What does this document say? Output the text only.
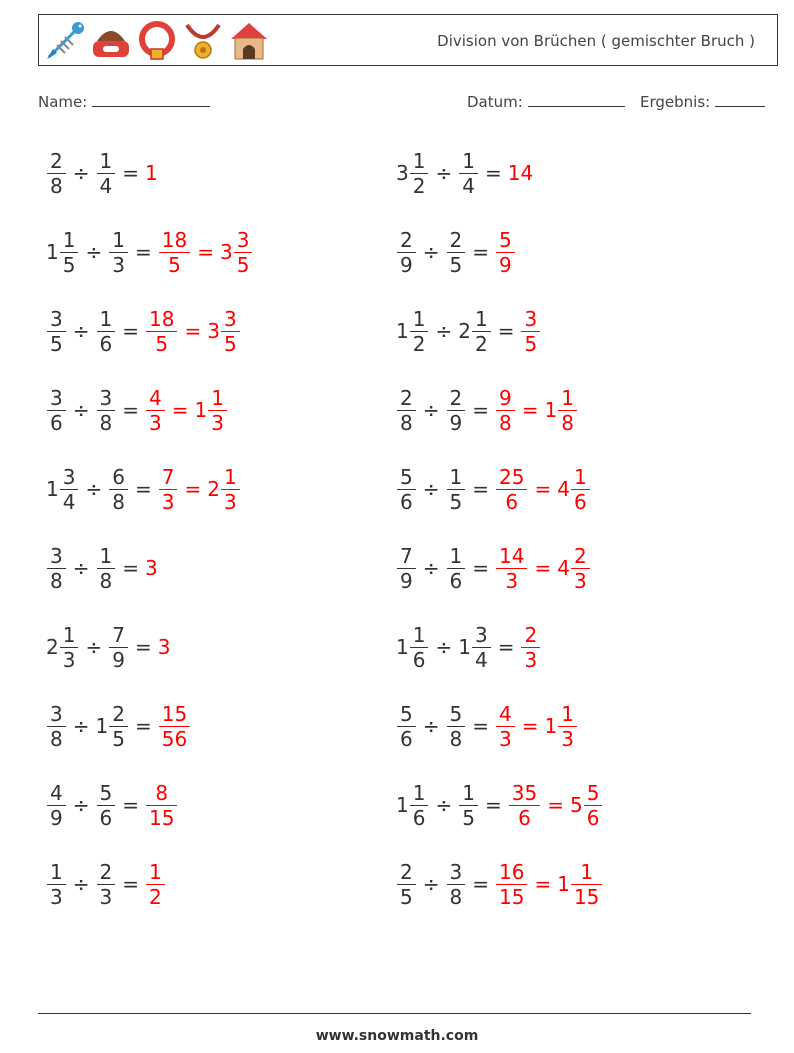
Division von Brüchen ( gemischter Bruch )
Name:	Datum:	Ergebnis:
$\frac{2}{8} \div \frac{1}{4} = 1$	$3 \frac{1}{2} \div \frac{1}{4} = 14$
$1 \frac{1}{5} \div \frac{1}{3} = \frac{18}{5} = 3 \frac{3}{5}$	$\frac{2}{9} \div \frac{2}{5} = \frac{5}{9}$
$\frac{3}{5} \div \frac{1}{6} = \frac{18}{5} = 3 \frac{3}{5}$	$1 \frac{1}{2} \div 2 \frac{1}{2} = \frac{3}{5}$
$\frac{3}{6} \div \frac{3}{8} = \frac{4}{3} = 1 \frac{1}{3}$	$\frac{2}{8} \div \frac{2}{9} = \frac{9}{8} = 1 \frac{1}{8}$
$1 \frac{3}{4} \div \frac{6}{8} = \frac{7}{3} = 2 \frac{1}{3}$	$\frac{5}{6} \div \frac{1}{5} = \frac{25}{6} = 4 \frac{1}{6}$
$\frac{3}{8} \div \frac{1}{8} = 3$	$\frac{7}{9} \div \frac{1}{6} = \frac{14}{3} = 4 \frac{2}{3}$
$2 \frac{1}{3} \div \frac{7}{9} = 3$	$1 \frac{1}{6} \div 1 \frac{3}{4} = \frac{2}{3}$
$\frac{3}{8} \div 1 \frac{2}{5} = \frac{15}{56}$	$\frac{5}{6} \div \frac{5}{8} = \frac{4}{3} = 1 \frac{1}{3}$
$\frac{4}{9} \div \frac{5}{6} = \frac{8}{15}$	$1 \frac{1}{6} \div \frac{1}{5} = \frac{35}{6} = 5 \frac{5}{6}$
$\frac{1}{3} \div \frac{2}{3} = \frac{1}{2}$	$\frac{2}{5} \div \frac{3}{8} = \frac{16}{15} = 1 \frac{1}{15}$
www.snowmath.com
